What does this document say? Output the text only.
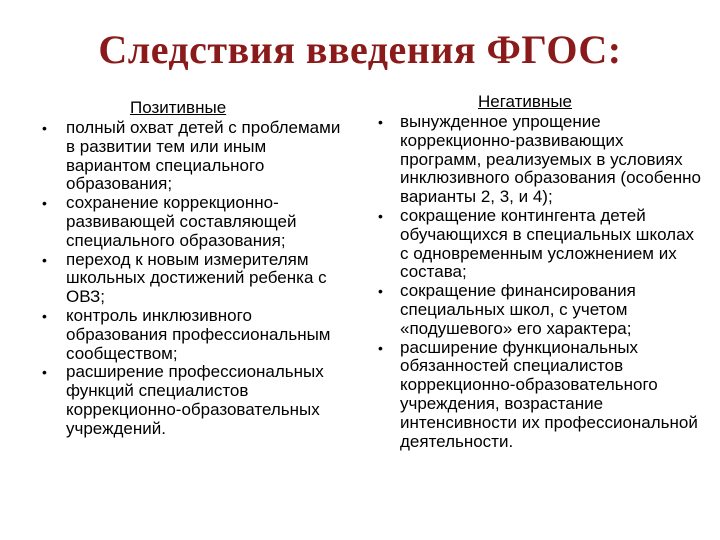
Следствия введения ФГОС:
Позитивные
• полный охват детей с проблемами в развитии тем или иным вариантом специального образования;
• сохранение коррекционно-развивающей составляющей специального образования;
• переход к новым измерителям школьных достижений ребенка с ОВЗ;
• контроль инклюзивного образования профессиональным сообществом;
• расширение профессиональных функций специалистов коррекционно-образовательных учреждений.
Негативные
• вынужденное упрощение коррекционно-развивающих программ, реализуемых в условиях инклюзивного образования (особенно варианты 2, 3, и 4);
• сокращение контингента детей обучающихся в специальных школах с одновременным усложнением их состава;
• сокращение финансирования специальных школ, с учетом «подушевого» его характера;
• расширение функциональных обязанностей специалистов коррекционно-образовательного учреждения, возрастание интенсивности их профессиональной деятельности.
